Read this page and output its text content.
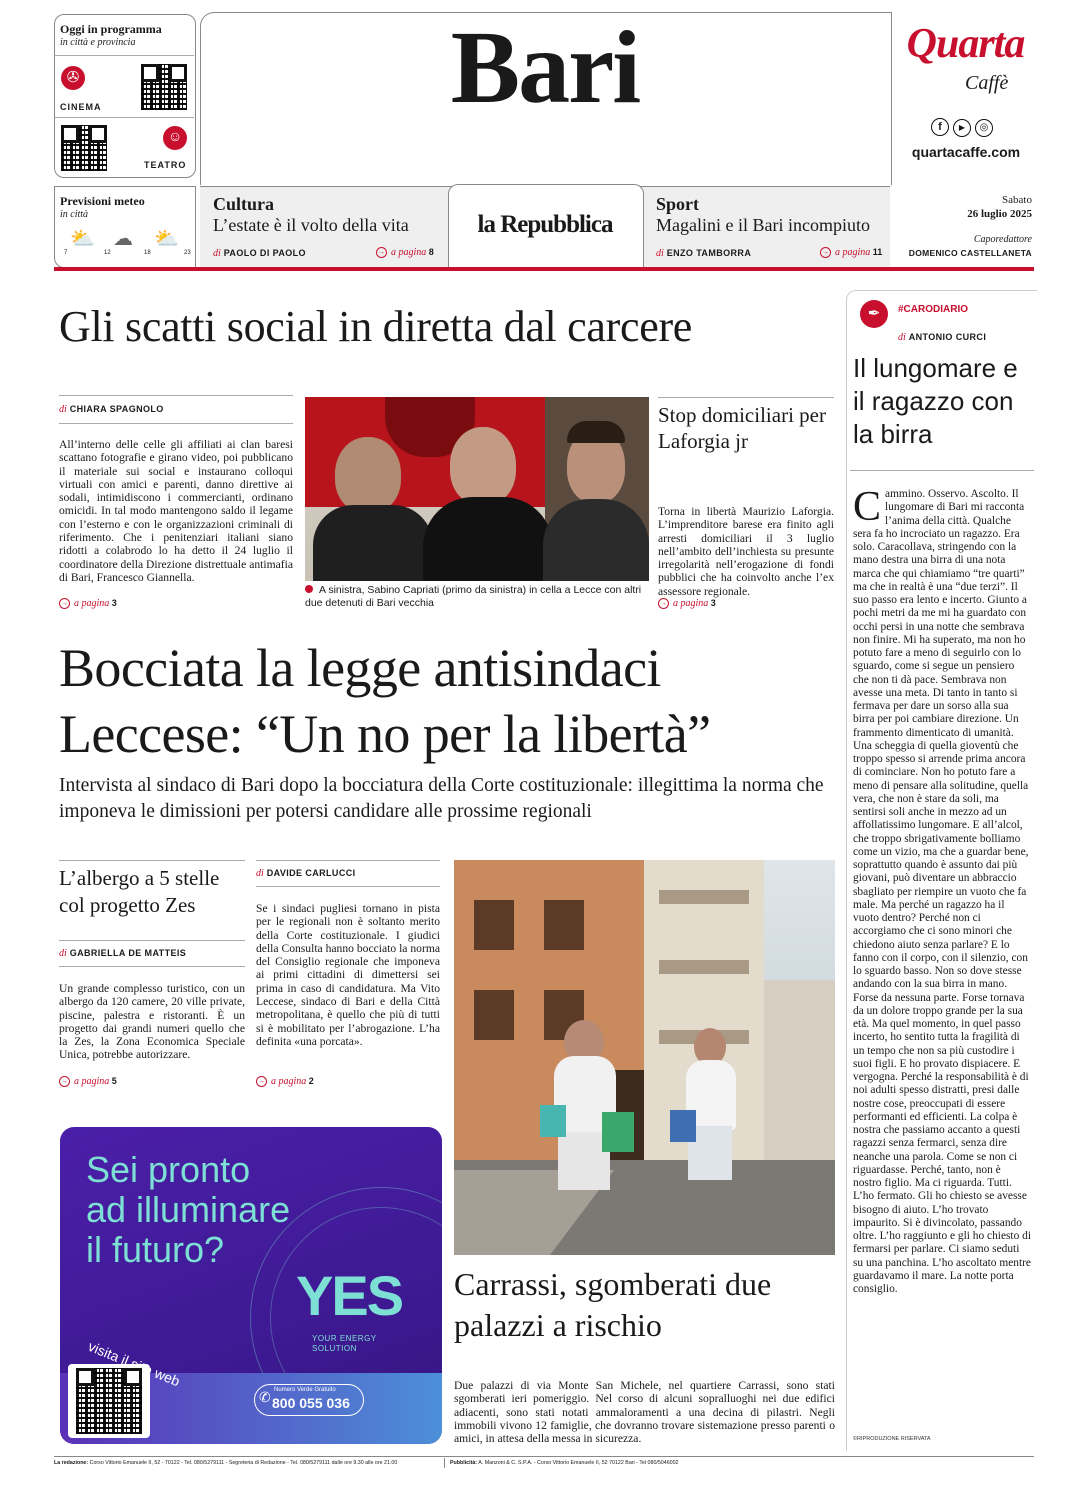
Oggi in programma
in città e provincia
✇
CINEMA
☺
TEATRO
Bari	Quarta
Caffè
f ▶ ◎
quartacaffe.com
Previsioni meteo
in città
⛅ ☁ ⛅
7	12	18	23
Cultura
L’estate è il volto della vita
di PAOLO DI PAOLO	→ a pagina 8
la Repubblica
Sport
Magalini e il Bari incompiuto
di ENZO TAMBORRA	→ a pagina 11
Sabato
26 luglio 2025
Caporedattore
DOMENICO CASTELLANETA
Gli scatti social in diretta dal carcere
di CHIARA SPAGNOLO
All’interno delle celle gli affiliati ai clan baresi scattano fotografie e girano video, poi pubblicano il materiale sui social e instaurano colloqui virtuali con amici e parenti, danno direttive ai sodali, intimidiscono i commercianti, ordinano omicidi. In tal modo mantengono saldo il legame con l’esterno e con le organizzazioni criminali di riferimento. Che i penitenziari italiani siano ridotti a colabrodo lo ha detto il 24 luglio il coordinatore della Direzione distrettuale antimafia di Bari, Francesco Giannella.
→ a pagina 3
A sinistra, Sabino Capriati (primo da sinistra) in cella a Lecce con altri due detenuti di Bari vecchia
Stop domiciliari per Laforgia jr
Torna in libertà Maurizio Laforgia. L’imprenditore barese era finito agli arresti domiciliari il 3 luglio nell’ambito dell’inchiesta su presunte irregolarità nell’erogazione di fondi pubblici che ha coinvolto anche l’ex assessore regionale.
→ a pagina 3
Bocciata la legge antisindaci
Leccese: “Un no per la libertà”
Intervista al sindaco di Bari dopo la bocciatura della Corte costituzionale: illegittima la norma che imponeva le dimissioni per potersi candidare alle prossime regionali
L’albergo a 5 stelle col progetto Zes
di GABRIELLA DE MATTEIS
Un grande complesso turistico, con un albergo da 120 camere, 20 ville private, piscine, palestra e ristoranti. È un progetto dai grandi numeri quello che la Zes, la Zona Economica Speciale Unica, potrebbe autorizzare.
→ a pagina 5
di DAVIDE CARLUCCI
Se i sindaci pugliesi tornano in pista per le regionali non è soltanto merito della Corte costituzionale. I giudici della Consulta hanno bocciato la norma del Consiglio regionale che imponeva ai primi cittadini di dimettersi sei prima in caso di candidatura. Ma Vito Leccese, sindaco di Bari e della Città metropolitana, è quello che più di tutti si è mobilitato per l’abrogazione. L’ha definita «una porcata».
→ a pagina 2
Carrassi, sgomberati due palazzi a rischio
Due palazzi di via Monte San Michele, nel quartiere Carrassi, sono stati sgomberati ieri pomeriggio. Nel corso di alcuni sopralluoghi nei due edifici adiacenti, sono stati notati ammaloramenti a una decina di pilastri. Negli immobili vivono 12 famiglie, che dovranno trovare sistemazione presso parenti o amici, in attesa della messa in sicurezza.
Sei pronto
ad illuminare
il futuro?
YES
YOUR ENERGY
SOLUTION
visita il web
✆
Numero Verde Gratuito
800 055 036
✒	#CARODIARIO
di ANTONIO CURCI
Il lungomare e il ragazzo con la birra
Cammino. Osservo. Ascolto. Il lungomare di Bari mi racconta l’anima della città. Qualche sera fa ho incrociato un ragazzo. Era solo. Caracollava, stringendo con la mano destra una birra di una nota marca che qui chiamiamo “tre quarti” ma che in realtà è una “due terzi”. Il suo passo era lento e incerto. Giunto a pochi metri da me mi ha guardato con occhi persi in una notte che sembrava non finire. Mi ha superato, ma non ho potuto fare a meno di seguirlo con lo sguardo, come si segue un pensiero che non ti dà pace. Sembrava non avesse una meta. Di tanto in tanto si fermava per dare un sorso alla sua birra per poi cambiare direzione. Un frammento dimenticato di umanità. Una scheggia di quella gioventù che troppo spesso si arrende prima ancora di cominciare. Non ho potuto fare a meno di pensare alla solitudine, quella vera, che non è stare da soli, ma sentirsi soli anche in mezzo ad un affollatissimo lungomare. E all’alcol, che troppo sbrigativamente bolliamo come un vizio, ma che a guardar bene, soprattutto quando è assunto dai più giovani, può diventare un abbraccio sbagliato per riempire un vuoto che fa male. Ma perché un ragazzo ha il vuoto dentro? Perché non ci accorgiamo che ci sono minori che chiedono aiuto senza parlare? E lo fanno con il corpo, con il silenzio, con lo sguardo basso. Non so dove stesse andando con la sua birra in mano. Forse da nessuna parte. Forse tornava da un dolore troppo grande per la sua età. Ma quel momento, in quel passo incerto, ho sentito tutta la fragilità di un tempo che non sa più custodire i suoi figli. E ho provato dispiacere. E vergogna. Perché la responsabilità è di noi adulti spesso distratti, presi dalle nostre cose, preoccupati di essere performanti ed efficienti. La colpa è nostra che passiamo accanto a questi ragazzi senza fermarci, senza dire neanche una parola. Come se non ci riguardasse. Perché, tanto, non è nostro figlio. Ma ci riguarda. Tutti. L’ho fermato. Gli ho chiesto se avesse bisogno di aiuto. L’ho trovato impaurito. Si è divincolato, passando oltre. L’ho raggiunto e gli ho chiesto di fermarsi per parlare. Ci siamo seduti su una panchina. L’ho ascoltato mentre guardavamo il mare. La notte porta consiglio.
©RIPRODUZIONE RISERVATA
La redazione: Corso Vittorio Emanuele II, 52 - 70122 - Tel. 080/5279111 - Segreteria di Redazione - Tel. 080/5279111 dalle ore 9.30 alle ore 21.00	Pubblicità: A. Manzoni & C. S.P.A. - Corso Vittorio Emanuele II, 52 70122 Bari - Tel 080/5046002
